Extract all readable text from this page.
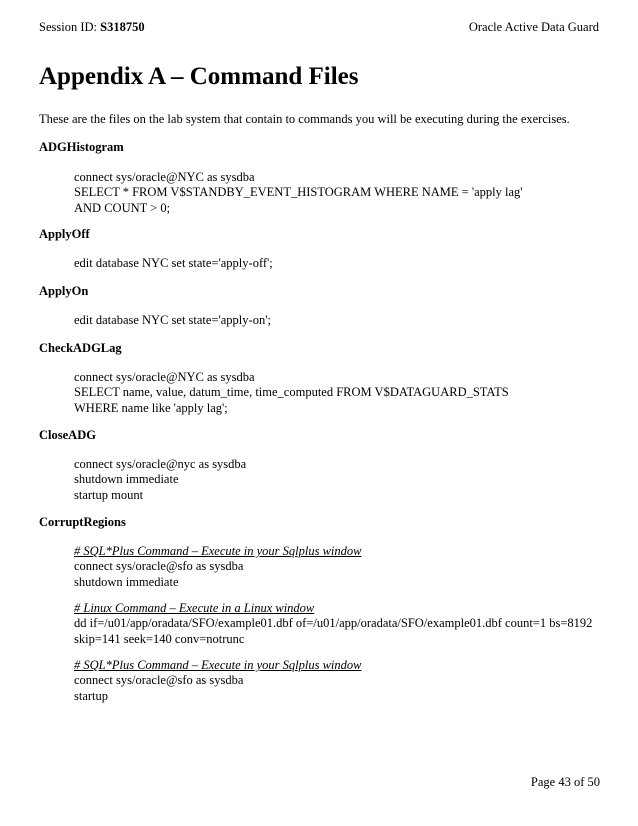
Session ID: S318750	Oracle Active Data Guard
Appendix A – Command Files
These are the files on the lab system that contain to commands you will be executing during the exercises.
ADGHistogram
connect sys/oracle@NYC as sysdba
SELECT * FROM V$STANDBY_EVENT_HISTOGRAM WHERE NAME = 'apply lag'
AND COUNT > 0;
ApplyOff
edit database NYC set state='apply-off';
ApplyOn
edit database NYC set state='apply-on';
CheckADGLag
connect sys/oracle@NYC as sysdba
SELECT name, value, datum_time, time_computed FROM V$DATAGUARD_STATS
WHERE name like 'apply lag';
CloseADG
connect sys/oracle@nyc as sysdba
shutdown immediate
startup mount
CorruptRegions
# SQL*Plus Command – Execute in your Sqlplus window
connect sys/oracle@sfo as sysdba
shutdown immediate
# Linux Command – Execute in a Linux window
dd if=/u01/app/oradata/SFO/example01.dbf of=/u01/app/oradata/SFO/example01.dbf count=1 bs=8192
skip=141 seek=140 conv=notrunc
# SQL*Plus Command – Execute in your Sqlplus window
connect sys/oracle@sfo as sysdba
startup
Page 43 of 50
